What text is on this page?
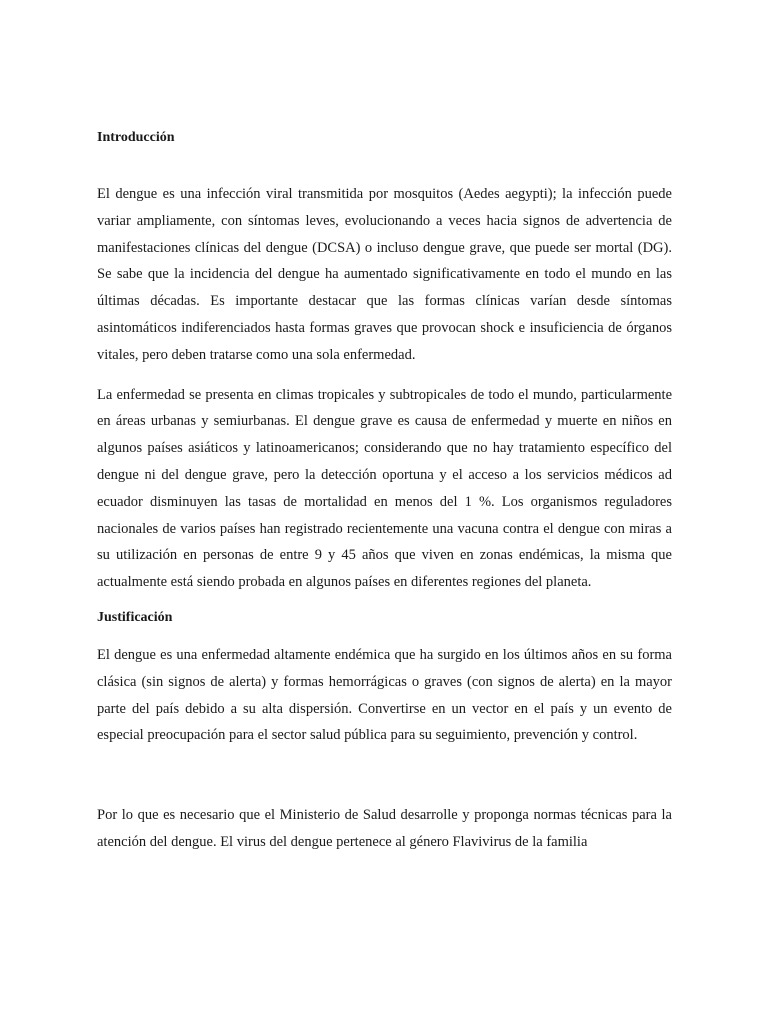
Introducción

El dengue es una infección viral transmitida por mosquitos (Aedes aegypti); la infección puede variar ampliamente, con síntomas leves, evolucionando a veces hacia signos de advertencia de manifestaciones clínicas del dengue (DCSA) o incluso dengue grave, que puede ser mortal (DG). Se sabe que la incidencia del dengue ha aumentado significativamente en todo el mundo en las últimas décadas. Es importante destacar que las formas clínicas varían desde síntomas asintomáticos indiferenciados hasta formas graves que provocan shock e insuficiencia de órganos vitales, pero deben tratarse como una sola enfermedad.

La enfermedad se presenta en climas tropicales y subtropicales de todo el mundo, particularmente en áreas urbanas y semiurbanas. El dengue grave es causa de enfermedad y muerte en niños en algunos países asiáticos y latinoamericanos; considerando que no hay tratamiento específico del dengue ni del dengue grave, pero la detección oportuna y el acceso a los servicios médicos ad ecuador disminuyen las tasas de mortalidad en menos del 1 %. Los organismos reguladores nacionales de varios países han registrado recientemente una vacuna contra el dengue con miras a su utilización en personas de entre 9 y 45 años que viven en zonas endémicas, la misma que actualmente está siendo probada en algunos países en diferentes regiones del planeta.

Justificación

El dengue es una enfermedad altamente endémica que ha surgido en los últimos años en su forma clásica (sin signos de alerta) y formas hemorrágicas o graves (con signos de alerta) en la mayor parte del país debido a su alta dispersión. Convertirse en un vector en el país y un evento de especial preocupación para el sector salud pública para su seguimiento, prevención y control.

Por lo que es necesario que el Ministerio de Salud desarrolle y proponga normas técnicas para la atención del dengue. El virus del dengue pertenece al género Flavivirus de la familia
